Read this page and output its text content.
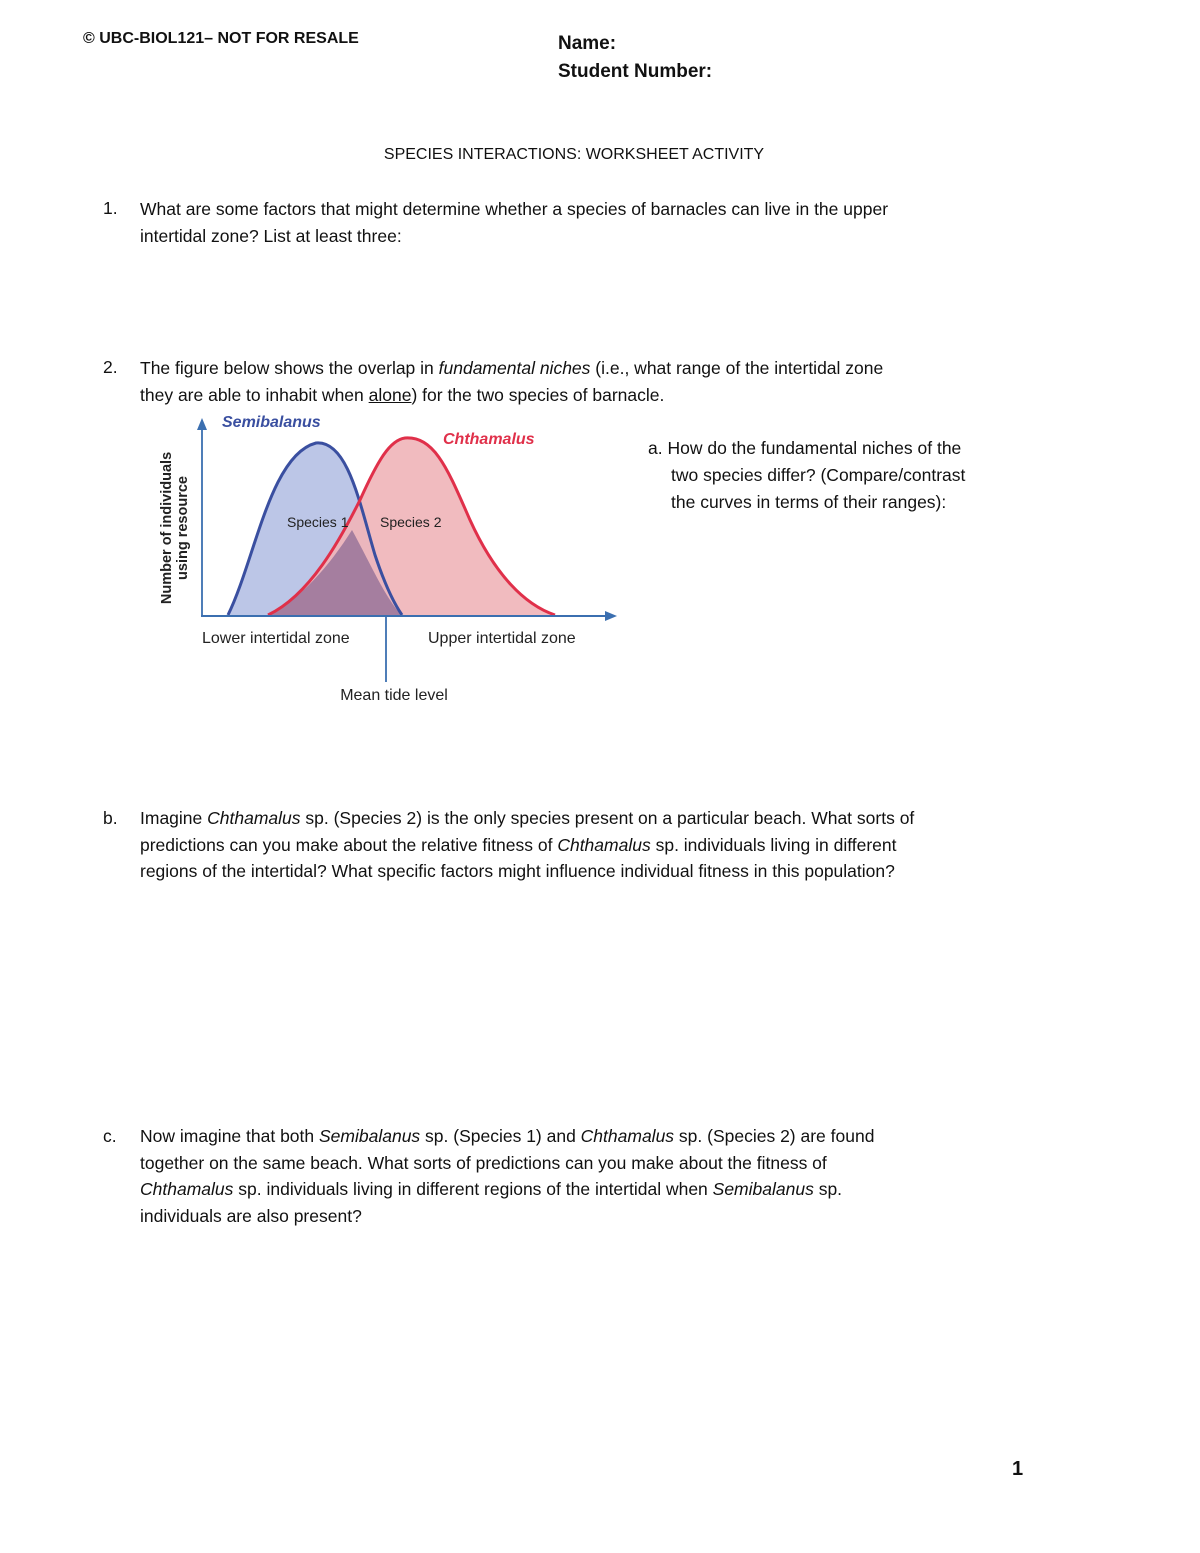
© UBC-BIOL121– NOT FOR RESALE	Name:
Student Number:
SPECIES INTERACTIONS: WORKSHEET ACTIVITY
1. What are some factors that might determine whether a species of barnacles can live in the upper
intertidal zone? List at least three:
2. The figure below shows the overlap in fundamental niches (i.e., what range of the intertidal zone
they are able to inhabit when alone) for the two species of barnacle.
Semibalanus
Chthamalus
Species 1 Species 2
Number of individuals using resource
Lower intertidal zone	Upper intertidal zone
Mean tide level
a. How do the fundamental niches of the
two species differ? (Compare/contrast
the curves in terms of their ranges):
b. Imagine Chthamalus sp. (Species 2) is the only species present on a particular beach. What sorts of
predictions can you make about the relative fitness of Chthamalus sp. individuals living in different
regions of the intertidal? What specific factors might influence individual fitness in this population?
c. Now imagine that both Semibalanus sp. (Species 1) and Chthamalus sp. (Species 2) are found
together on the same beach. What sorts of predictions can you make about the fitness of
Chthamalus sp. individuals living in different regions of the intertidal when Semibalanus sp.
individuals are also present?
1
